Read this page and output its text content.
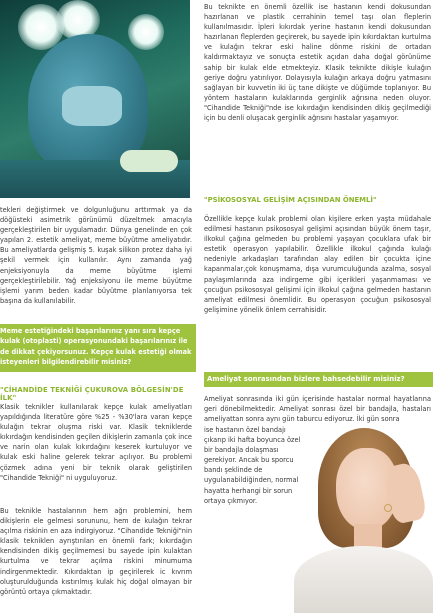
tekleri değiştirmek ve dolgunluğunu arttırmak ya da döğüsteki asimetrik görünümü düzeltmek amacıyla gerçekleştirilen bir uygulamadır. Dünya genelinde en çok yapılan 2. estetik ameliyat, meme büyütme ameliyatıdır. Bu ameliyatlarda gelişmiş 5. kuşak silikon protez daha iyi şekil vermek için kullanılır. Aynı zamanda yağ enjeksiyonuyla da meme büyütme işlemi gerçekleştirilebilir. Yağ enjeksiyonu ile meme büyütme işlemi yarım beden kadar büyütme planlanıyorsa tek başına da kullanılabilir.

Meme estetiğindeki başarılarınız yanı sıra kepçe kulak (otoplasti) operasyonundaki başarılarınız ile de dikkat çekiyorsunuz. Kepçe kulak estetiği olmak isteyenleri bilgilendirebilir misiniz?
"CİHANDİDE TEKNİĞİ ÇUKUROVA BÖLGESİN'DE İLK"

Klasik teknikler kullanılarak kepçe kulak ameliyatları yapıldığında literatüre göre %25 - %30'lara varan kepçe kulağın tekrar oluşma riski var. Klasik tekniklerde kıkırdağın kendisinden geçilen dikişlerin zamanla çok ince ve narin olan kulak kıkırdağını keserek kurtuluyor ve kulak eski haline gelerek tekrar açılıyor. Bu problemi çözmek adına yeni bir teknik olarak geliştirilen "Cihandide Tekniği" ni uyguluyoruz.

Bu teknikle hastalarının hem ağrı problemini, hem dikişlerin ele gelmesi sorununu, hem de kulağın tekrar açılma riskinin en aza indirgiyoruz. "Cihandide Tekniği"nin klasik tekniklen ayrıştırılan en önemli fark; kıkırdağın kendisinden dikiş geçilmemesi bu sayede ipin kulaktan kurtulma ve tekrar açılma riskini minumuma indirgenmektedir. Kıkırdaktan ip geçirilerek ic kıvrım oluşturulduğunda kıstırılmış kulak hiç doğal olmayan bir görüntü ortaya çıkmaktadır.

Bu teknikte en önemli özellik ise hastanın kendi dokusundan hazırlanan ve plastik cerrahinin temel taşı olan fleplerin kullanılmasıdır. İpleri kıkırdak yerine hastanın kendi dokusundan hazırlanan fleplerden geçirerek, bu sayede ipin kıkırdaktan kurtulma ve kulağın tekrar eski haline dönme riskini de ortadan kaldırmaktayız ve sonuçta estetik açıdan daha doğal görünüme sahip bir kulak elde etmekteyiz. Klasik teknikte dikişle kulağın geriye doğru yatırılıyor. Dolayısıyla kulağın arkaya doğru yatmasını sağlayan bir kuvvetin iki üç tane dikişte ve düğümde toplanıyor. Bu yöntem hastaların kulaklarında gerginlik ağrısına neden oluyor. "Cihandide Tekniği"nde ise kıkırdağın kendisinden dikiş geçilmediği için bu denli oluşacak gerginlik ağrısını hastalar yaşamıyor.

"PSİKOSOSYAL GELİŞİM AÇISINDAN ÖNEMLİ"

Özellikle kepçe kulak problemi olan kişilere erken yaşta müdahale edilmesi hastanın psikososyal gelişimi açısından büyük önem taşır, ilkokul çağına gelmeden bu problemi yaşayan çocuklara ufak bir estetik operasyon yapılabilir. Özellikle ilkokul çağında kulağı nedeniyle arkadaşları tarafından alay edilen bir çocukta içine kapanmalar,çok konuşmama, dışa vurumculuğunda azalma, sosyal paylaşımlarında aza indirgeme gibi içerikleri yaşanmaması ve çocuğun psikososyal gelişimi için ilkokul çağına gelmeden hastanın ameliyat edilmesi önemlidir. Bu operasyon çocuğun psikososyal gelişimine yönelik önlem cerrahisidir.

Ameliyat sonrasından bizlere bahsedebilir misiniz?

Ameliyat sonrasında iki gün içerisinde hastalar normal hayatlarına geri dönebilmektedir. Ameliyat sonrası özel bir bandajla, hastaları ameliyattan sonra aynı gün taburcu ediyoruz. İki gün sonra

ise hastanın özel bandajı çıkarıp iki hafta boyunca özel bir bandajla dolaşması gerekiyor. Ancak bu sporcu bandı şeklinde de uygulanabildiğinden, normal hayatta herhangi bir sorun ortaya çıkmıyor.
